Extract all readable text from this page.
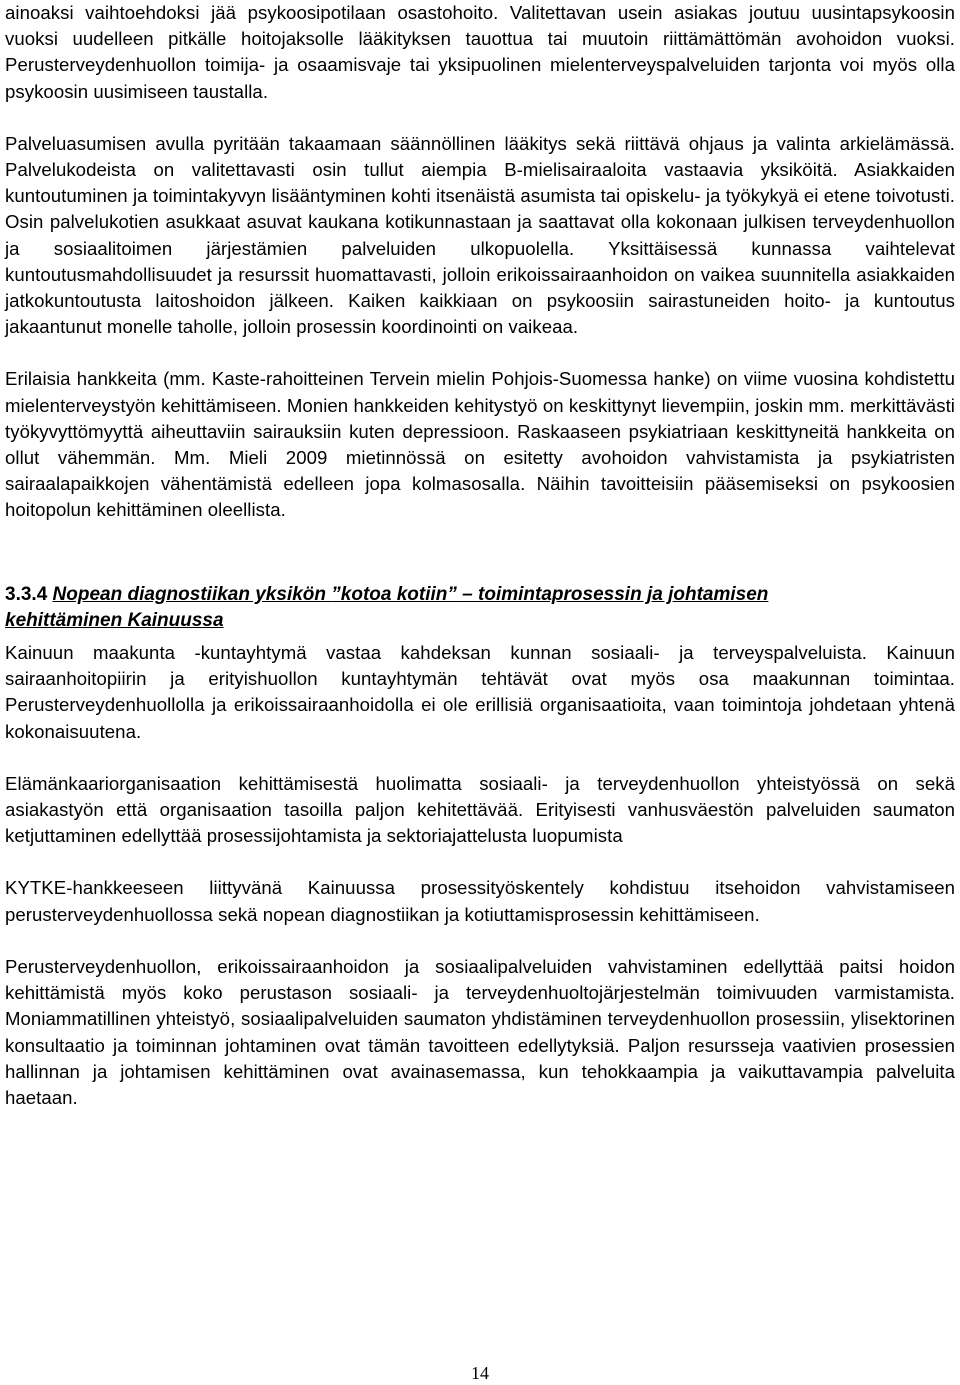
ainoaksi vaihtoehdoksi jää psykoosipotilaan osastohoito. Valitettavan usein asiakas joutuu uusintapsykoosin vuoksi uudelleen pitkälle hoitojaksolle lääkityksen tauottua tai muutoin riittämättömän avohoidon vuoksi. Perusterveydenhuollon toimija- ja osaamisvaje tai yksipuolinen mielenterveyspalveluiden tarjonta voi myös olla psykoosin uusimiseen taustalla.

Palveluasumisen avulla pyritään takaamaan säännöllinen lääkitys sekä riittävä ohjaus ja valinta arkielämässä. Palvelukodeista on valitettavasti osin tullut aiempia B-mielisairaaloita vastaavia yksiköitä. Asiakkaiden kuntoutuminen ja toimintakyvyn lisääntyminen kohti itsenäistä asumista tai opiskelu- ja työkykyä ei etene toivotusti. Osin palvelukotien asukkaat asuvat kaukana kotikunnastaan ja saattavat olla kokonaan julkisen terveydenhuollon ja sosiaalitoimen järjestämien palveluiden ulkopuolella. Yksittäisessä kunnassa vaihtelevat kuntoutusmahdollisuudet ja resurssit huomattavasti, jolloin erikoissairaanhoidon on vaikea suunnitella asiakkaiden jatkokuntoutusta laitoshoidon jälkeen. Kaiken kaikkiaan on psykoosiin sairastuneiden hoito- ja kuntoutus jakaantunut monelle taholle, jolloin prosessin koordinointi on vaikeaa.

Erilaisia hankkeita (mm. Kaste-rahoitteinen Tervein mielin Pohjois-Suomessa hanke) on viime vuosina kohdistettu mielenterveystyön kehittämiseen. Monien hankkeiden kehitystyö on keskittynyt lievempiin, joskin mm. merkittävästi työkyvyttömyyttä aiheuttaviin sairauksiin kuten depressioon. Raskaaseen psykiatriaan keskittyneitä hankkeita on ollut vähemmän. Mm. Mieli 2009 mietinnössä on esitetty avohoidon vahvistamista ja psykiatristen sairaalapaikkojen vähentämistä edelleen jopa kolmasosalla. Näihin tavoitteisiin pääsemiseksi on psykoosien hoitopolun kehittäminen oleellista.

3.3.4 Nopean diagnostiikan yksikön ”kotoa kotiin” – toimintaprosessin ja johtamisen
kehittäminen Kainuussa

Kainuun maakunta -kuntayhtymä vastaa kahdeksan kunnan sosiaali- ja terveyspalveluista. Kainuun sairaanhoitopiirin ja erityishuollon kuntayhtymän tehtävät ovat myös osa maakunnan toimintaa. Perusterveydenhuollolla ja erikoissairaanhoidolla ei ole erillisiä organisaatioita, vaan toimintoja johdetaan yhtenä kokonaisuutena.

Elämänkaariorganisaation kehittämisestä huolimatta sosiaali- ja terveydenhuollon yhteistyössä on sekä asiakastyön että organisaation tasoilla paljon kehitettävää. Erityisesti vanhusväestön palveluiden saumaton ketjuttaminen edellyttää prosessijohtamista ja sektoriajattelusta luopumista

KYTKE-hankkeeseen liittyvänä Kainuussa prosessityöskentely kohdistuu itsehoidon vahvistamiseen perusterveydenhuollossa sekä nopean diagnostiikan ja kotiuttamisprosessin kehittämiseen.

Perusterveydenhuollon, erikoissairaanhoidon ja sosiaalipalveluiden vahvistaminen edellyttää paitsi hoidon kehittämistä myös koko perustason sosiaali- ja terveydenhuoltojärjestelmän toimivuuden varmistamista. Moniammatillinen yhteistyö, sosiaalipalveluiden saumaton yhdistäminen terveydenhuollon prosessiin, ylisektorinen konsultaatio ja toiminnan johtaminen ovat tämän tavoitteen edellytyksiä. Paljon resursseja vaativien prosessien hallinnan ja johtamisen kehittäminen ovat avainasemassa, kun tehokkaampia ja vaikuttavampia palveluita haetaan.

14
